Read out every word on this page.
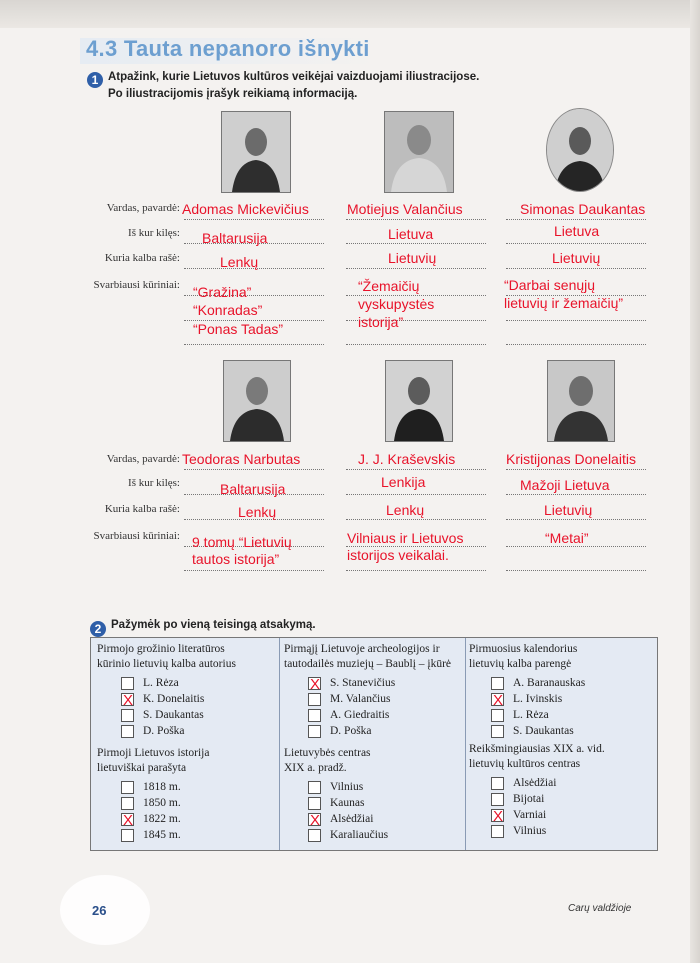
4.3 Tauta nepanoro išnykti
1 Atpažink, kurie Lietuvos kultūros veikėjai vaizduojami iliustracijose.
Po iliustracijomis įrašyk reikiamą informaciją.
Vardas, pavardė:
Iš kur kilęs:
Kuria kalba rašė:
Svarbiausi kūriniai:
Adomas Mickevičius
Baltarusija
Lenkų
“Gražina”
“Konradas”
“Ponas Tadas”
Motiejus Valančius
Lietuva
Lietuvių
“Žemaičių
vyskupystės
istorija”
Simonas Daukantas
Lietuva
Lietuvių
“Darbai senųjų
lietuvių ir žemaičių”
Vardas, pavardė:
Iš kur kilęs:
Kuria kalba rašė:
Svarbiausi kūriniai:
Teodoras Narbutas
Baltarusija
Lenkų
9 tomų “Lietuvių
tautos istorija”
J. J. Kraševskis
Lenkija
Lenkų
Vilniaus ir Lietuvos
istorijos veikalai.
Kristijonas Donelaitis
Mažoji Lietuva
Lietuvių
“Metai”
2 Pažymėk po vieną teisingą atsakymą.
Pirmojo grožinio literatūros
kūrinio lietuvių kalba autorius
L. Rėza
X K. Donelaitis
S. Daukantas
D. Poška
Pirmąjį Lietuvoje archeologijos ir
tautodailės muziejų – Baublį – įkūrė
X S. Stanevičius
M. Valančius
A. Giedraitis
D. Poška
Pirmuosius kalendorius
lietuvių kalba parengė
A. Baranauskas
X L. Ivinskis
L. Rėza
S. Daukantas
Pirmoji Lietuvos istorija
lietuviškai parašyta
1818 m.
1850 m.
X 1822 m.
1845 m.
Lietuvybės centras
XIX a. pradž.
Vilnius
Kaunas
X Alsėdžiai
Karaliaučius
Reikšmingiausias XIX a. vid.
lietuvių kultūros centras
Alsėdžiai
Bijotai
X Varniai
Vilnius
26	Carų valdžioje
